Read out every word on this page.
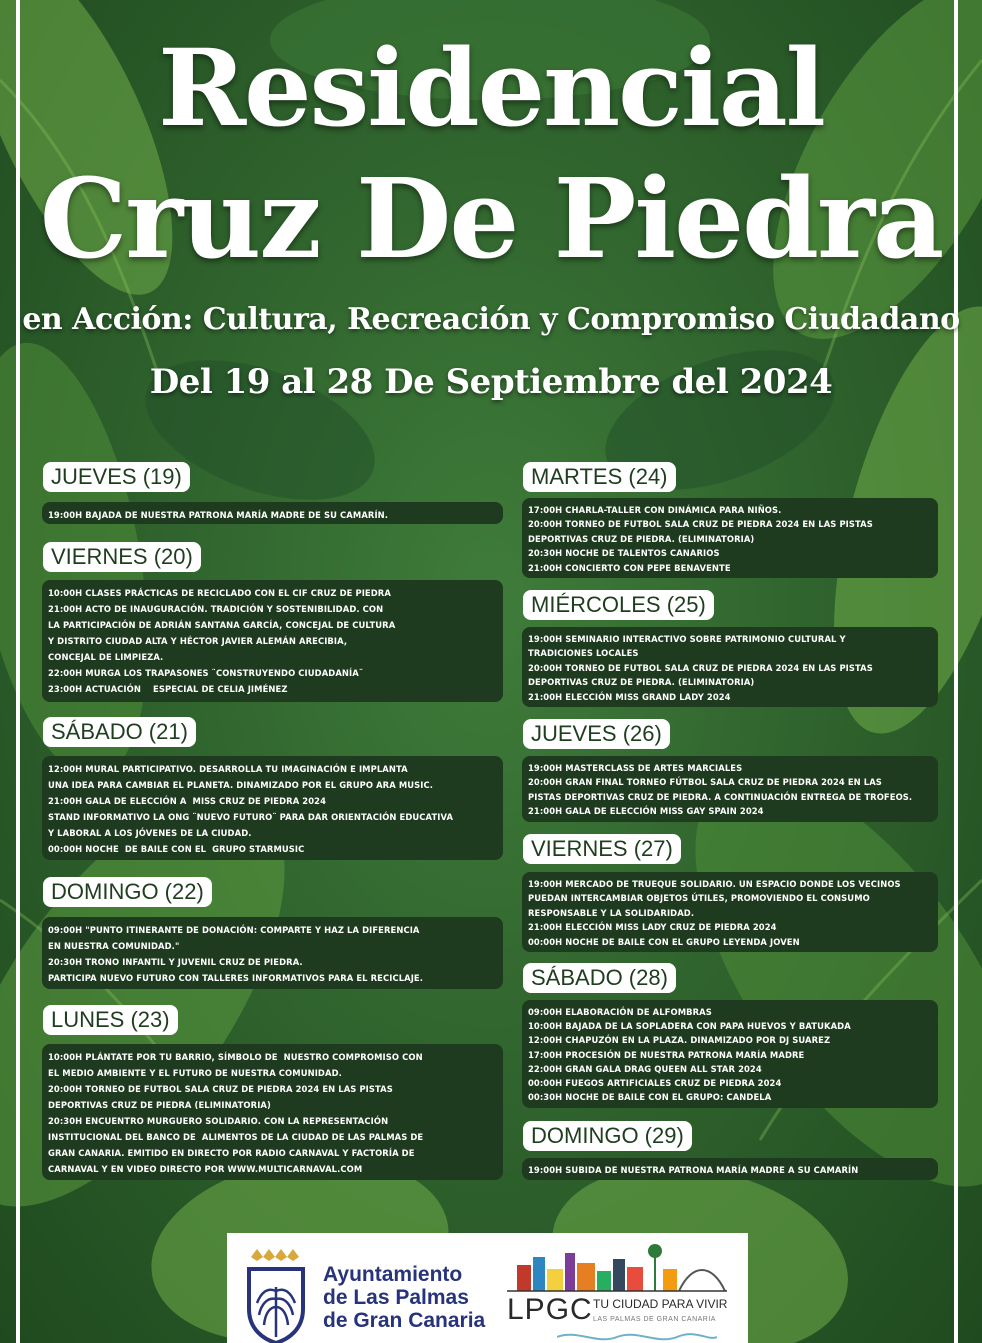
Residencial
Cruz De Piedra
en Acción: Cultura, Recreación y Compromiso Ciudadano
Del 19 al 28 De Septiembre del 2024
JUEVES (19)
19:00H BAJADA DE NUESTRA PATRONA MARÍA MADRE DE SU CAMARÍN.
VIERNES (20)
10:00H CLASES PRÁCTICAS DE RECICLADO CON EL CIF CRUZ DE PIEDRA
21:00H ACTO DE INAUGURACIÓN. TRADICIÓN Y SOSTENIBILIDAD. CON
LA PARTICIPACIÓN DE ADRIÁN SANTANA GARCÍA, CONCEJAL DE CULTURA
Y DISTRITO CIUDAD ALTA Y HÉCTOR JAVIER ALEMÁN ARECIBIA,
CONCEJAL DE LIMPIEZA.
22:00H MURGA LOS TRAPASONES ¨CONSTRUYENDO CIUDADANÍA¨
23:00H ACTUACIÓN    ESPECIAL DE CELIA JIMÉNEZ
SÁBADO (21)
12:00H MURAL PARTICIPATIVO. DESARROLLA TU IMAGINACIÓN E IMPLANTA
UNA IDEA PARA CAMBIAR EL PLANETA. DINAMIZADO POR EL GRUPO ARA MUSIC.
21:00H GALA DE ELECCIÓN A  MISS CRUZ DE PIEDRA 2024
STAND INFORMATIVO LA ONG ¨NUEVO FUTURO¨ PARA DAR ORIENTACIÓN EDUCATIVA
Y LABORAL A LOS JÓVENES DE LA CIUDAD.
00:00H NOCHE  DE BAILE CON EL  GRUPO STARMUSIC
DOMINGO (22)
09:00H "PUNTO ITINERANTE DE DONACIÓN: COMPARTE Y HAZ LA DIFERENCIA
EN NUESTRA COMUNIDAD."
20:30H TRONO INFANTIL Y JUVENIL CRUZ DE PIEDRA.
PARTICIPA NUEVO FUTURO CON TALLERES INFORMATIVOS PARA EL RECICLAJE.
LUNES (23)
10:00H PLÁNTATE POR TU BARRIO, SÍMBOLO DE  NUESTRO COMPROMISO CON
EL MEDIO AMBIENTE Y EL FUTURO DE NUESTRA COMUNIDAD.
20:00H TORNEO DE FUTBOL SALA CRUZ DE PIEDRA 2024 EN LAS PISTAS
DEPORTIVAS CRUZ DE PIEDRA (ELIMINATORIA)
20:30H ENCUENTRO MURGUERO SOLIDARIO. CON LA REPRESENTACIÓN
INSTITUCIONAL DEL BANCO DE  ALIMENTOS DE LA CIUDAD DE LAS PALMAS DE
GRAN CANARIA. EMITIDO EN DIRECTO POR RADIO CARNAVAL Y FACTORÍA DE
CARNAVAL Y EN VIDEO DIRECTO POR WWW.MULTICARNAVAL.COM
MARTES (24)
17:00H CHARLA-TALLER CON DINÁMICA PARA NIÑOS.
20:00H TORNEO DE FUTBOL SALA CRUZ DE PIEDRA 2024 EN LAS PISTAS
DEPORTIVAS CRUZ DE PIEDRA. (ELIMINATORIA)
20:30H NOCHE DE TALENTOS CANARIOS
21:00H CONCIERTO CON PEPE BENAVENTE
MIÉRCOLES (25)
19:00H SEMINARIO INTERACTIVO SOBRE PATRIMONIO CULTURAL Y
TRADICIONES LOCALES
20:00H TORNEO DE FUTBOL SALA CRUZ DE PIEDRA 2024 EN LAS PISTAS
DEPORTIVAS CRUZ DE PIEDRA. (ELIMINATORIA)
21:00H ELECCIÓN MISS GRAND LADY 2024
JUEVES (26)
19:00H MASTERCLASS DE ARTES MARCIALES
20:00H GRAN FINAL TORNEO FÚTBOL SALA CRUZ DE PIEDRA 2024 EN LAS
PISTAS DEPORTIVAS CRUZ DE PIEDRA. A CONTINUACIÓN ENTREGA DE TROFEOS.
21:00H GALA DE ELECCIÓN MISS GAY SPAIN 2024
VIERNES (27)
19:00H MERCADO DE TRUEQUE SOLIDARIO. UN ESPACIO DONDE LOS VECINOS
PUEDAN INTERCAMBIAR OBJETOS ÚTILES, PROMOVIENDO EL CONSUMO
RESPONSABLE Y LA SOLIDARIDAD.
21:00H ELECCIÓN MISS LADY CRUZ DE PIEDRA 2024
00:00H NOCHE DE BAILE CON EL GRUPO LEYENDA JOVEN
SÁBADO (28)
09:00H ELABORACIÓN DE ALFOMBRAS
10:00H BAJADA DE LA SOPLADERA CON PAPA HUEVOS Y BATUKADA
12:00H CHAPUZÓN EN LA PLAZA. DINAMIZADO POR DJ SUAREZ
17:00H PROCESIÓN DE NUESTRA PATRONA MARÍA MADRE
22:00H GRAN GALA DRAG QUEEN ALL STAR 2024
00:00H FUEGOS ARTIFICIALES CRUZ DE PIEDRA 2024
00:30H NOCHE DE BAILE CON EL GRUPO: CANDELA
DOMINGO (29)
19:00H SUBIDA DE NUESTRA PATRONA MARÍA MADRE A SU CAMARÍN
Ayuntamiento
de Las Palmas
de Gran Canaria LPGC TU CIUDAD PARA VIVIR
LAS PALMAS DE GRAN CANARIA
